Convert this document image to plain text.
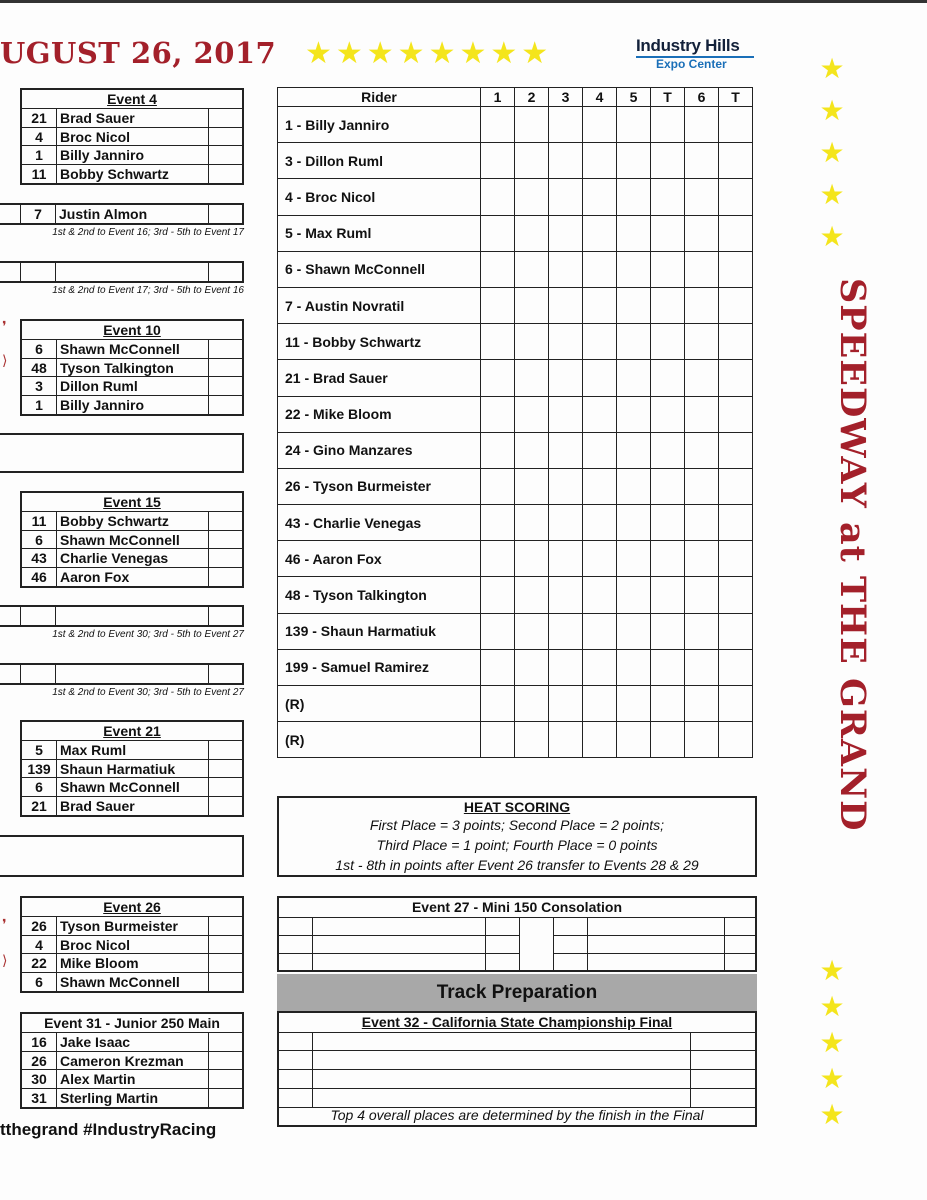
UGUST 26, 2017 ★★★★★★★★	Industry Hills
Expo Center	★
★
★
★
★
SPEEDWAY at THE GRAND
★
★
★
★
★
Event 4
21 Brad Sauer
4	Broc Nicol
1	Billy Janniro
11 Bobby Schwartz
7	Justin Almon
1st & 2nd to Event 16; 3rd - 5th to Event 17
1st & 2nd to Event 17; 3rd - 5th to Event 16
❜
⟩
Event 10
6	Shawn McConnell
48 Tyson Talkington
3	Dillon Ruml
1	Billy Janniro
Event 15
11 Bobby Schwartz
6	Shawn McConnell
43 Charlie Venegas
46 Aaron Fox
1st & 2nd to Event 30; 3rd - 5th to Event 27
1st & 2nd to Event 30; 3rd - 5th to Event 27
Event 21
5	Max Ruml
139 Shaun Harmatiuk
6	Shawn McConnell
21 Brad Sauer
❜
⟩
Event 26
26 Tyson Burmeister
4	Broc Nicol
22 Mike Bloom
6	Shawn McConnell
Event 31 - Junior 250 Main
16 Jake Isaac
26 Cameron Krezman
30 Alex Martin
31 Sterling Martin
tthegrand #IndustryRacing
Rider	1	2	3	4	5	T	6	T
1 - Billy Janniro								
3 - Dillon Ruml								
4 - Broc Nicol								
5 - Max Ruml								
6 - Shawn McConnell								
7 - Austin Novratil								
11 - Bobby Schwartz								
21 - Brad Sauer								
22 - Mike Bloom								
24 - Gino Manzares								
26 - Tyson Burmeister								
43 - Charlie Venegas								
46 - Aaron Fox								
48 - Tyson Talkington								
139 - Shaun Harmatiuk								
199 - Samuel Ramirez								
(R)								
(R)								
HEAT SCORING
First Place = 3 points; Second Place = 2 points;
Third Place = 1 point; Fourth Place = 0 points
1st - 8th in points after Event 26 transfer to Events 28 & 29
Event 27 - Mini 150 Consolation
Track Preparation
Event 32 - California State Championship Final
Top 4 overall places are determined by the finish in the Final
